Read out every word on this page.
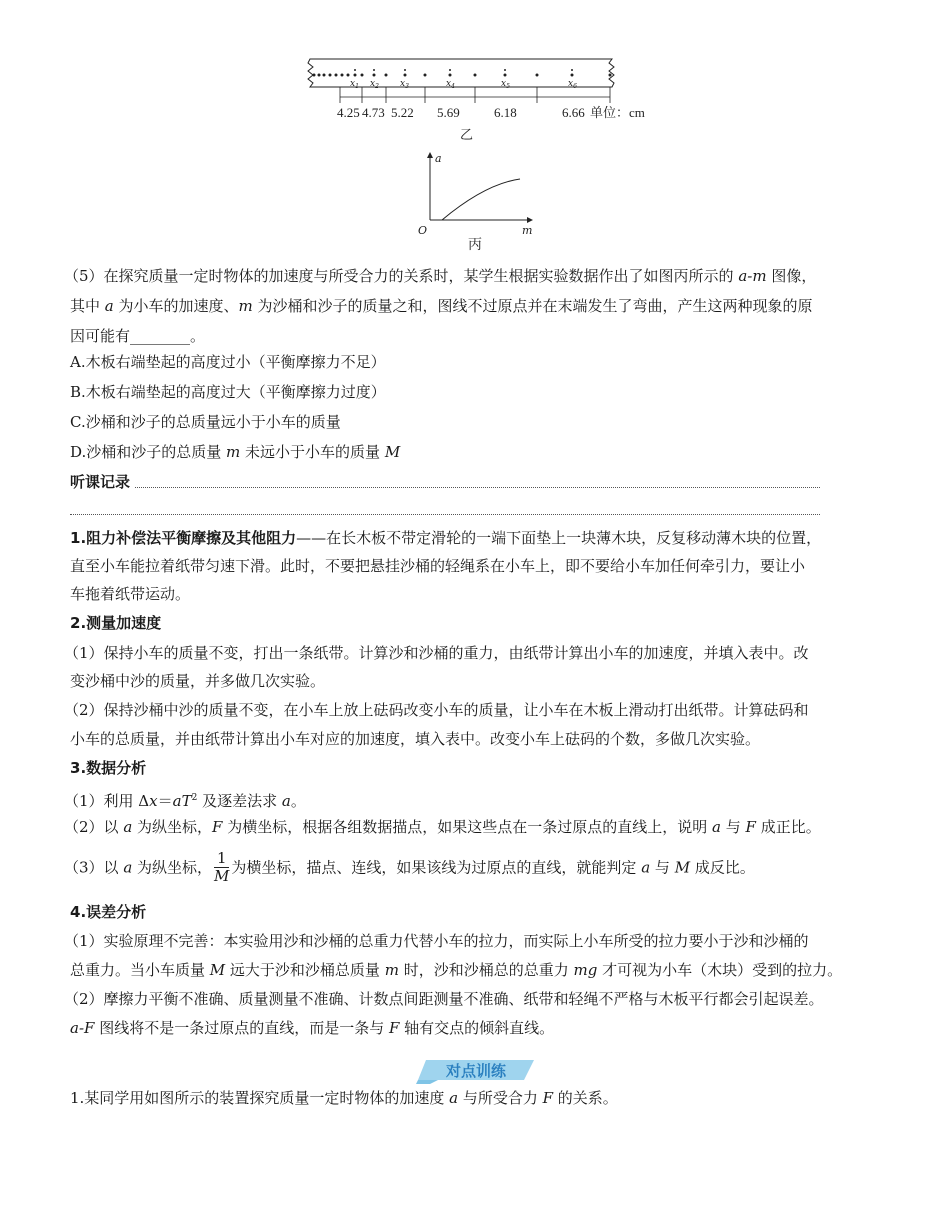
$x_1$ $x_2$ $x_3$	$x_4$	$x_5$	$x_6$
4.25 4.73 5.22 5.69	6.18	6.66 单位：cm
乙
a
m
O
丙
（5）在探究质量一定时物体的加速度与所受合力的关系时，某学生根据实验数据作出了如图丙所示的 a-m 图像，
其中 a 为小车的加速度、m 为沙桶和沙子的质量之和，图线不过原点并在末端发生了弯曲，产生这两种现象的原
因可能有________。
A.木板右端垫起的高度过小（平衡摩擦力不足）
B.木板右端垫起的高度过大（平衡摩擦力过度）
C.沙桶和沙子的总质量远小于小车的质量
D.沙桶和沙子的总质量 m 未远小于小车的质量 M
听课记录
1.阻力补偿法平衡摩擦及其他阻力——在长木板不带定滑轮的一端下面垫上一块薄木块，反复移动薄木块的位置，
直至小车能拉着纸带匀速下滑。此时，不要把悬挂沙桶的轻绳系在小车上，即不要给小车加任何牵引力，要让小
车拖着纸带运动。
2.测量加速度
（1）保持小车的质量不变，打出一条纸带。计算沙和沙桶的重力，由纸带计算出小车的加速度，并填入表中。改
变沙桶中沙的质量，并多做几次实验。
（2）保持沙桶中沙的质量不变，在小车上放上砝码改变小车的质量，让小车在木板上滑动打出纸带。计算砝码和
小车的总质量，并由纸带计算出小车对应的加速度，填入表中。改变小车上砝码的个数，多做几次实验。
3.数据分析
（1）利用 $\Delta x=aT^2$ 及逐差法求 a。
（2）以 a 为纵坐标，F 为横坐标，根据各组数据描点，如果这些点在一条过原点的直线上，说明 a 与 F 成正比。
（3）以 a 为纵坐标， $\frac{1}{M}$ 为横坐标，描点、连线，如果该线为过原点的直线，就能判定 a 与 M 成反比。
4.误差分析
（1）实验原理不完善：本实验用沙和沙桶的总重力代替小车的拉力，而实际上小车所受的拉力要小于沙和沙桶的
总重力。当小车质量 M 远大于沙和沙桶总质量 m 时，沙和沙桶总的总重力 mg 才可视为小车（木块）受到的拉力。
（2）摩擦力平衡不准确、质量测量不准确、计数点间距测量不准确、纸带和轻绳不严格与木板平行都会引起误差。
a-F 图线将不是一条过原点的直线，而是一条与 F 轴有交点的倾斜直线。
对点训练
1.某同学用如图所示的装置探究质量一定时物体的加速度 a 与所受合力 F 的关系。
